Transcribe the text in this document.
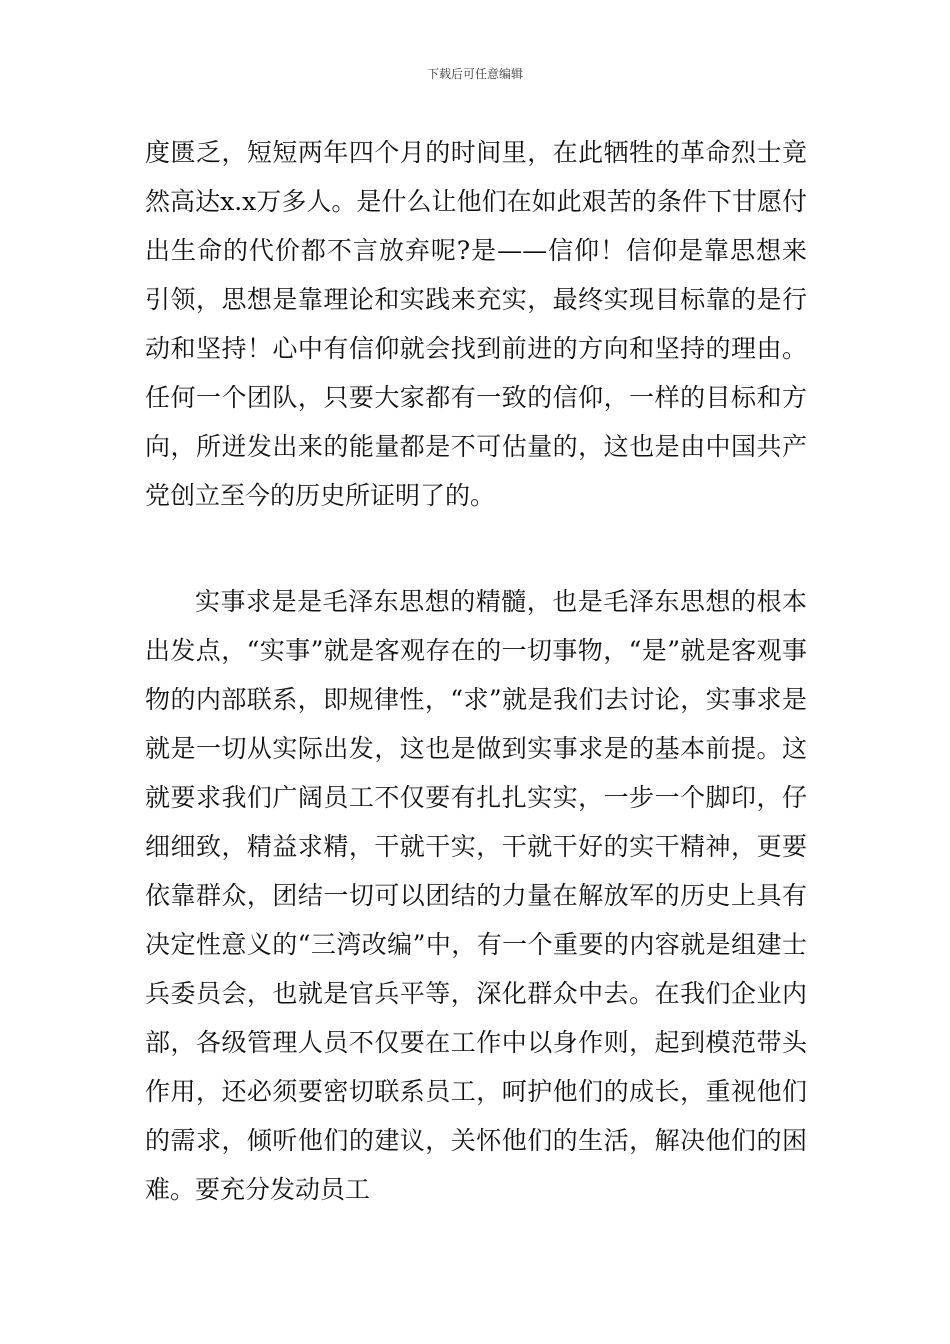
下载后可任意编辑

度匮乏，短短两年四个月的时间里，在此牺牲的革命烈士竟然高达x.x万多人。是什么让他们在如此艰苦的条件下甘愿付出生命的代价都不言放弃呢?是——信仰！信仰是靠思想来引领，思想是靠理论和实践来充实，最终实现目标靠的是行动和坚持！心中有信仰就会找到前进的方向和坚持的理由。任何一个团队，只要大家都有一致的信仰，一样的目标和方向，所迸发出来的能量都是不可估量的，这也是由中国共产党创立至今的历史所证明了的。

实事求是是毛泽东思想的精髓，也是毛泽东思想的根本出发点，“实事”就是客观存在的一切事物，“是”就是客观事物的内部联系，即规律性，“求”就是我们去讨论，实事求是就是一切从实际出发，这也是做到实事求是的基本前提。这就要求我们广阔员工不仅要有扎扎实实，一步一个脚印，仔细细致，精益求精，干就干实，干就干好的实干精神，更要依靠群众，团结一切可以团结的力量在解放军的历史上具有决定性意义的“三湾改编”中，有一个重要的内容就是组建士兵委员会，也就是官兵平等，深化群众中去。在我们企业内部，各级管理人员不仅要在工作中以身作则，起到模范带头作用，还必须要密切联系员工，呵护他们的成长，重视他们的需求，倾听他们的建议，关怀他们的生活，解决他们的困难。要充分发动员工
